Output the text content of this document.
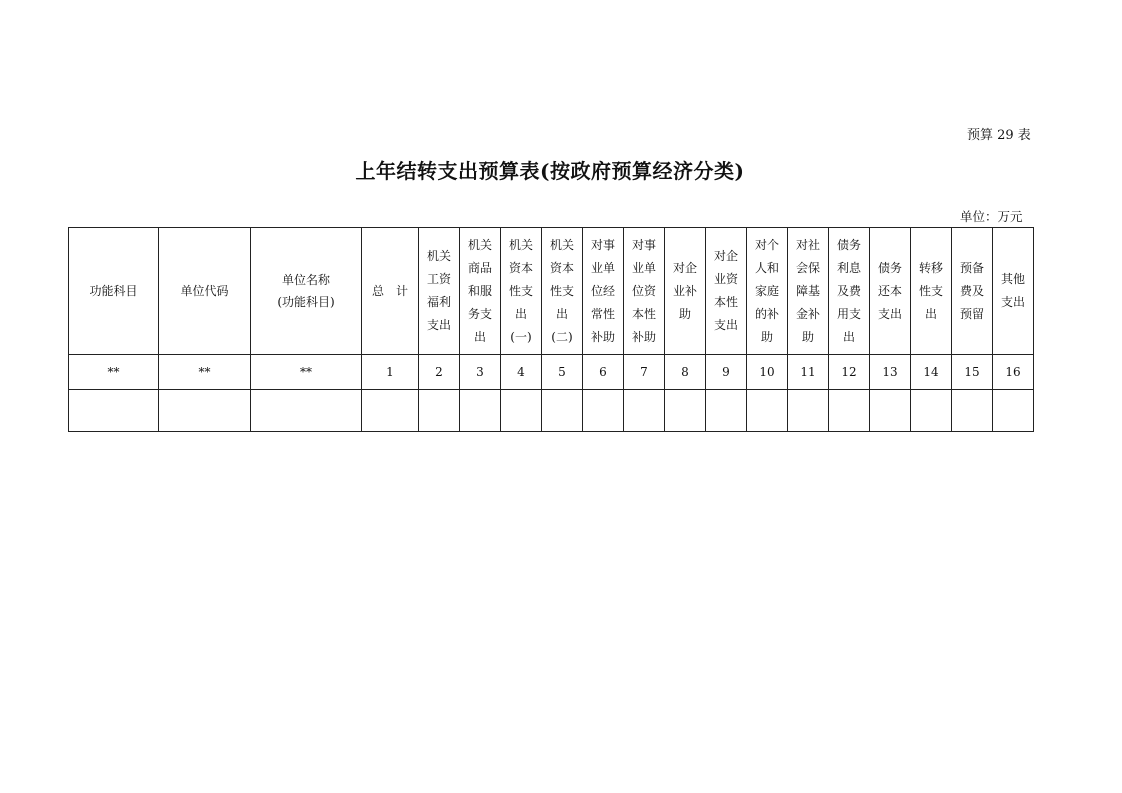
预算 29 表
上年结转支出预算表(按政府预算经济分类)
单位：万元
功能科目	单位代码	单位名称
(功能科目)	总　计	机关
工资
福利
支出	机关
商品
和服
务支
出	机关
资本
性支
出
(一)	机关
资本
性支
出
(二)	对事
业单
位经
常性
补助	对事
业单
位资
本性
补助	对企
业补
助	对企
业资
本性
支出	对个
人和
家庭
的补
助	对社
会保
障基
金补
助	债务
利息
及费
用支
出	债务
还本
支出	转移
性支
出	预备
费及
预留	其他
支出
**	**	**	1	2	3	4	5	6	7	8	9	10	11	12	13	14	15	16
